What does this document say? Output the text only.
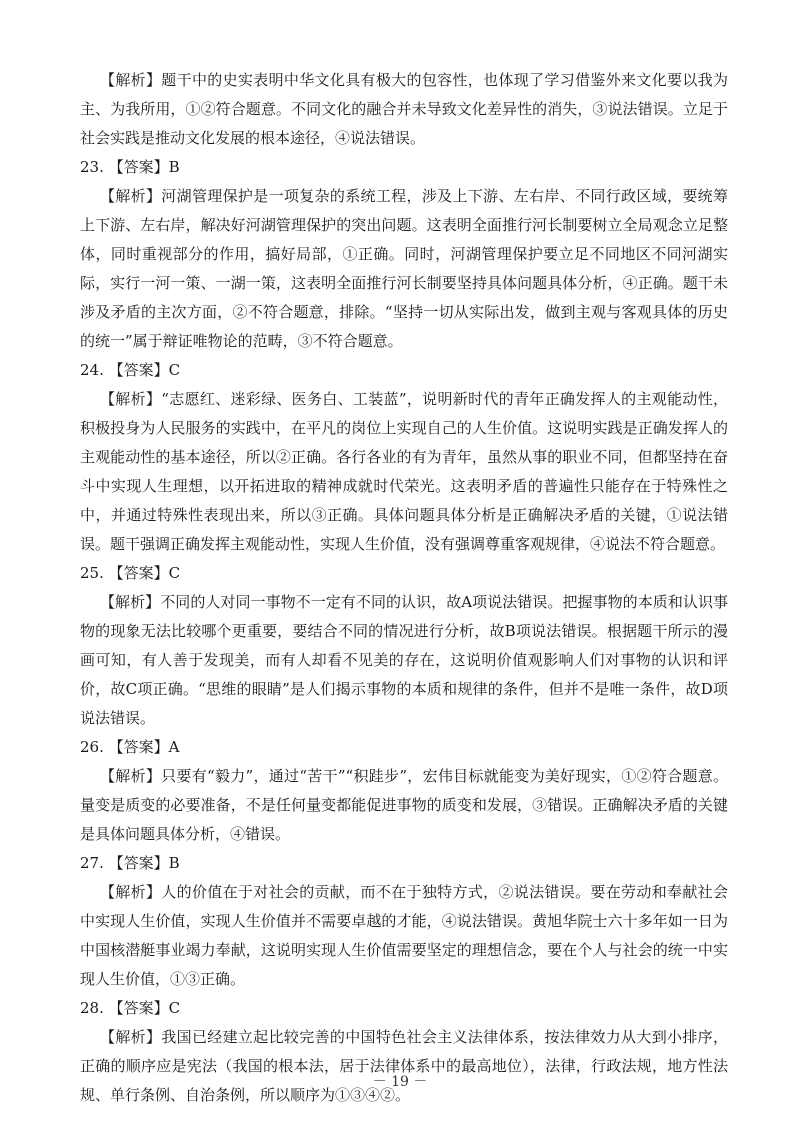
【解析】题干中的史实表明中华文化具有极大的包容性，也体现了学习借鉴外来文化要以我为主、为我所用，①②符合题意。不同文化的融合并未导致文化差异性的消失，③说法错误。立足于社会实践是推动文化发展的根本途径，④说法错误。

23. 【答案】B

【解析】河湖管理保护是一项复杂的系统工程，涉及上下游、左右岸、不同行政区域，要统筹上下游、左右岸，解决好河湖管理保护的突出问题。这表明全面推行河长制要树立全局观念立足整体，同时重视部分的作用，搞好局部，①正确。同时，河湖管理保护要立足不同地区不同河湖实际，实行一河一策、一湖一策，这表明全面推行河长制要坚持具体问题具体分析，④正确。题干未涉及矛盾的主次方面，②不符合题意，排除。“坚持一切从实际出发，做到主观与客观具体的历史的统一”属于辩证唯物论的范畴，③不符合题意。

24. 【答案】C

【解析】“志愿红、迷彩绿、医务白、工装蓝”，说明新时代的青年正确发挥人的主观能动性，积极投身为人民服务的实践中，在平凡的岗位上实现自己的人生价值。这说明实践是正确发挥人的主观能动性的基本途径，所以②正确。各行各业的有为青年，虽然从事的职业不同，但都坚持在奋斗中实现人生理想，以开拓进取的精神成就时代荣光。这表明矛盾的普遍性只能存在于特殊性之中，并通过特殊性表现出来，所以③正确。具体问题具体分析是正确解决矛盾的关键，①说法错误。题干强调正确发挥主观能动性，实现人生价值，没有强调尊重客观规律，④说法不符合题意。

25. 【答案】C

【解析】不同的人对同一事物不一定有不同的认识，故A项说法错误。把握事物的本质和认识事物的现象无法比较哪个更重要，要结合不同的情况进行分析，故B项说法错误。根据题干所示的漫画可知，有人善于发现美，而有人却看不见美的存在，这说明价值观影响人们对事物的认识和评价，故C项正确。“思维的眼睛”是人们揭示事物的本质和规律的条件，但并不是唯一条件，故D项说法错误。

26. 【答案】A

【解析】只要有“毅力”，通过“苦干”“积跬步”，宏伟目标就能变为美好现实，①②符合题意。量变是质变的必要准备，不是任何量变都能促进事物的质变和发展，③错误。正确解决矛盾的关键是具体问题具体分析，④错误。

27. 【答案】B

【解析】人的价值在于对社会的贡献，而不在于独特方式，②说法错误。要在劳动和奉献社会中实现人生价值，实现人生价值并不需要卓越的才能，④说法错误。黄旭华院士六十多年如一日为中国核潜艇事业竭力奉献，这说明实现人生价值需要坚定的理想信念，要在个人与社会的统一中实现人生价值，①③正确。

28. 【答案】C

【解析】我国已经建立起比较完善的中国特色社会主义法律体系，按法律效力从大到小排序，正确的顺序应是宪法（我国的根本法，居于法律体系中的最高地位），法律，行政法规，地方性法规、单行条例、自治条例，所以顺序为①③④②。

－ 19 －
